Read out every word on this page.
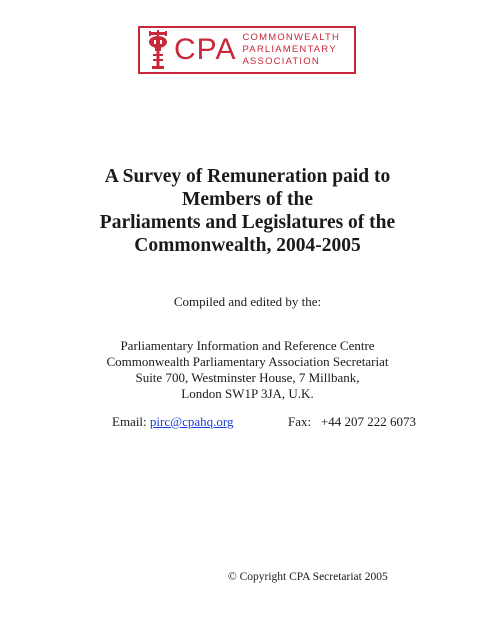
CPA COMMONWEALTH
PARLIAMENTARY
ASSOCIATION
A Survey of Remuneration paid to
Members of the
Parliaments and Legislatures of the
Commonwealth, 2004-2005
Compiled and edited by the:
Parliamentary Information and Reference Centre
Commonwealth Parliamentary Association Secretariat
Suite 700, Westminster House, 7 Millbank,
London SW1P 3JA, U.K.
Email: pirc@cpahq.org	Fax: +44 207 222 6073
© Copyright CPA Secretariat 2005
